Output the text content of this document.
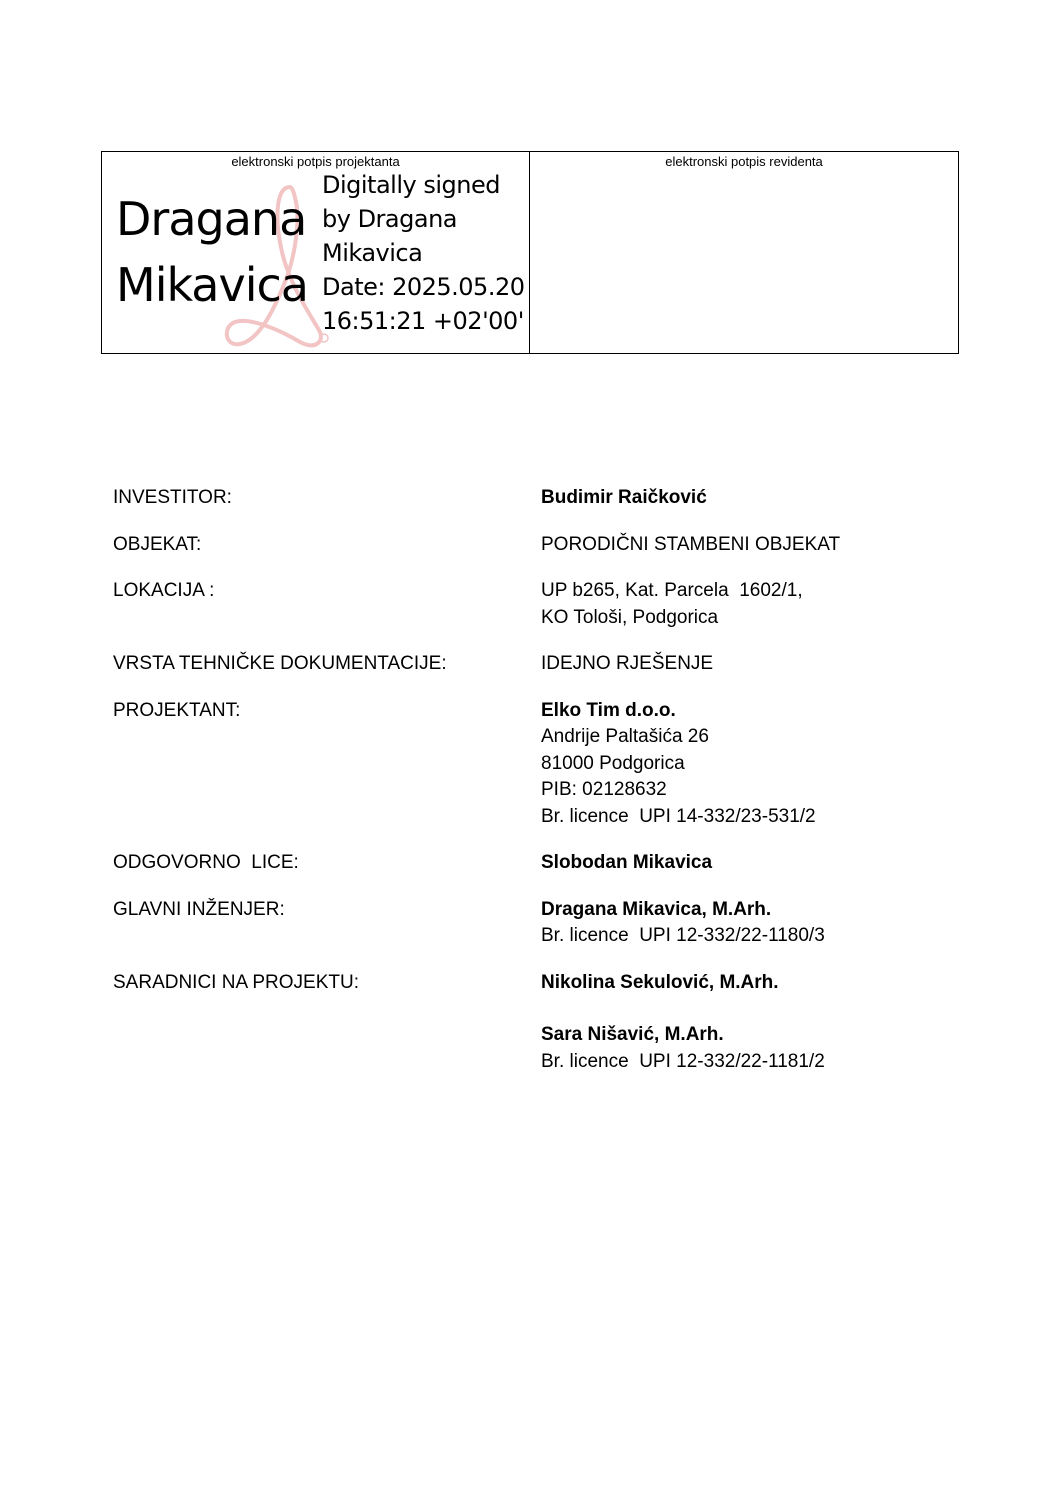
elektronski potpis projektanta
Dragana
Mikavica
Digitally signed
by Dragana
Mikavica
Date: 2025.05.20
16:51:21 +02'00'
elektronski potpis revidenta
INVESTITOR:	Budimir Raičković
OBJEKAT:	PORODIČNI STAMBENI OBJEKAT
LOKACIJA :	UP b265, Kat. Parcela  1602/1,
KO Tološi, Podgorica
VRSTA TEHNIČKE DOKUMENTACIJE:	IDEJNO RJEŠENJE
PROJEKTANT:	Elko Tim d.o.o.
Andrije Paltašića 26
81000 Podgorica
PIB: 02128632
Br. licence  UPI 14-332/23-531/2
ODGOVORNO  LICE:	Slobodan Mikavica
GLAVNI INŽENJER:	Dragana Mikavica, M.Arh.
Br. licence  UPI 12-332/22-1180/3
SARADNICI NA PROJEKTU:	Nikolina Sekulović, M.Arh.
Sara Nišavić, M.Arh.
Br. licence  UPI 12-332/22-1181/2
